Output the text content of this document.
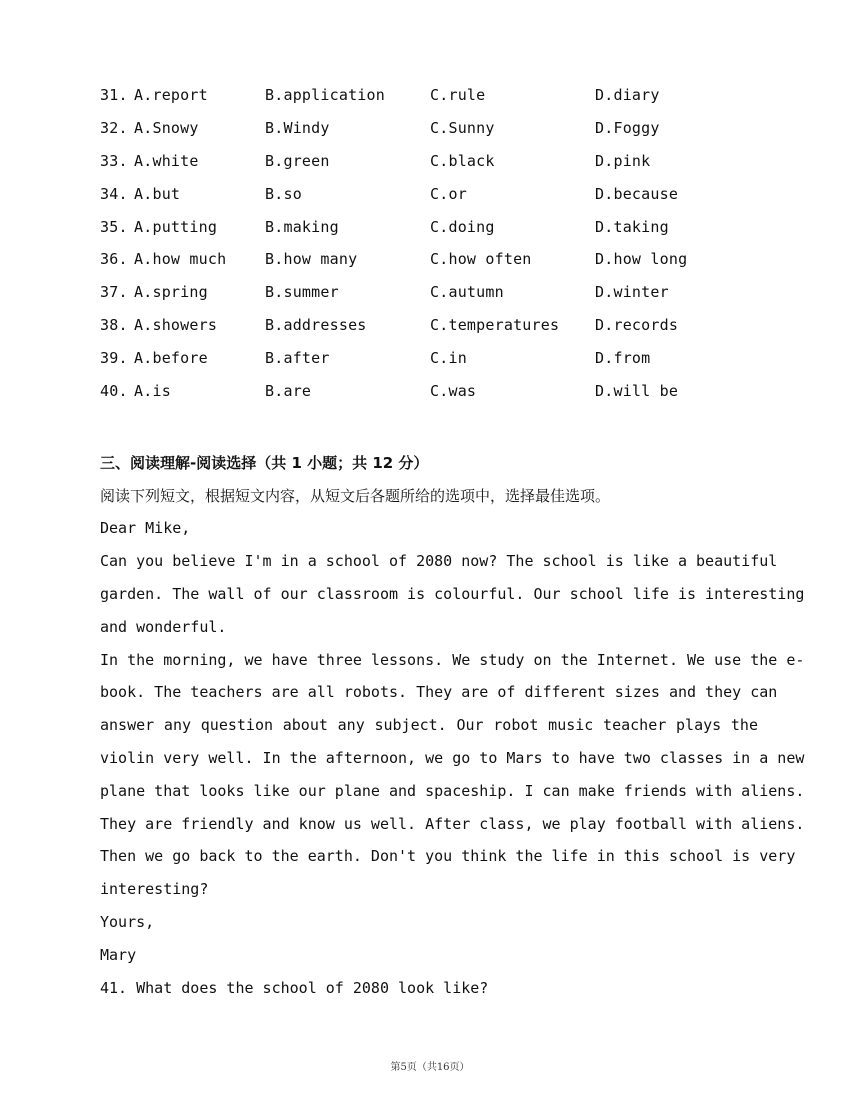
31. A.report	B.application	C.rule	D.diary
32. A.Snowy	B.Windy	C.Sunny	D.Foggy
33. A.white	B.green	C.black	D.pink
34. A.but	B.so	C.or	D.because
35. A.putting	B.making	C.doing	D.taking
36. A.how much	B.how many	C.how often	D.how long
37. A.spring	B.summer	C.autumn	D.winter
38. A.showers	B.addresses	C.temperatures	D.records
39. A.before	B.after	C.in	D.from
40. A.is	B.are	C.was	D.will be
三、阅读理解-阅读选择（共 1 小题；共 12 分）
阅读下列短文，根据短文内容，从短文后各题所给的选项中，选择最佳选项。
Dear Mike,
Can you believe I'm in a school of 2080 now? The school is like a beautiful
garden. The wall of our classroom is colourful. Our school life is interesting
and wonderful.
In the morning, we have three lessons. We study on the Internet. We use the e-
book. The teachers are all robots. They are of different sizes and they can
answer any question about any subject. Our robot music teacher plays the
violin very well. In the afternoon, we go to Mars to have two classes in a new
plane that looks like our plane and spaceship. I can make friends with aliens.
They are friendly and know us well. After class, we play football with aliens.
Then we go back to the earth. Don't you think the life in this school is very
interesting?
Yours,
Mary
41. What does the school of 2080 look like?
第5页（共16页）
